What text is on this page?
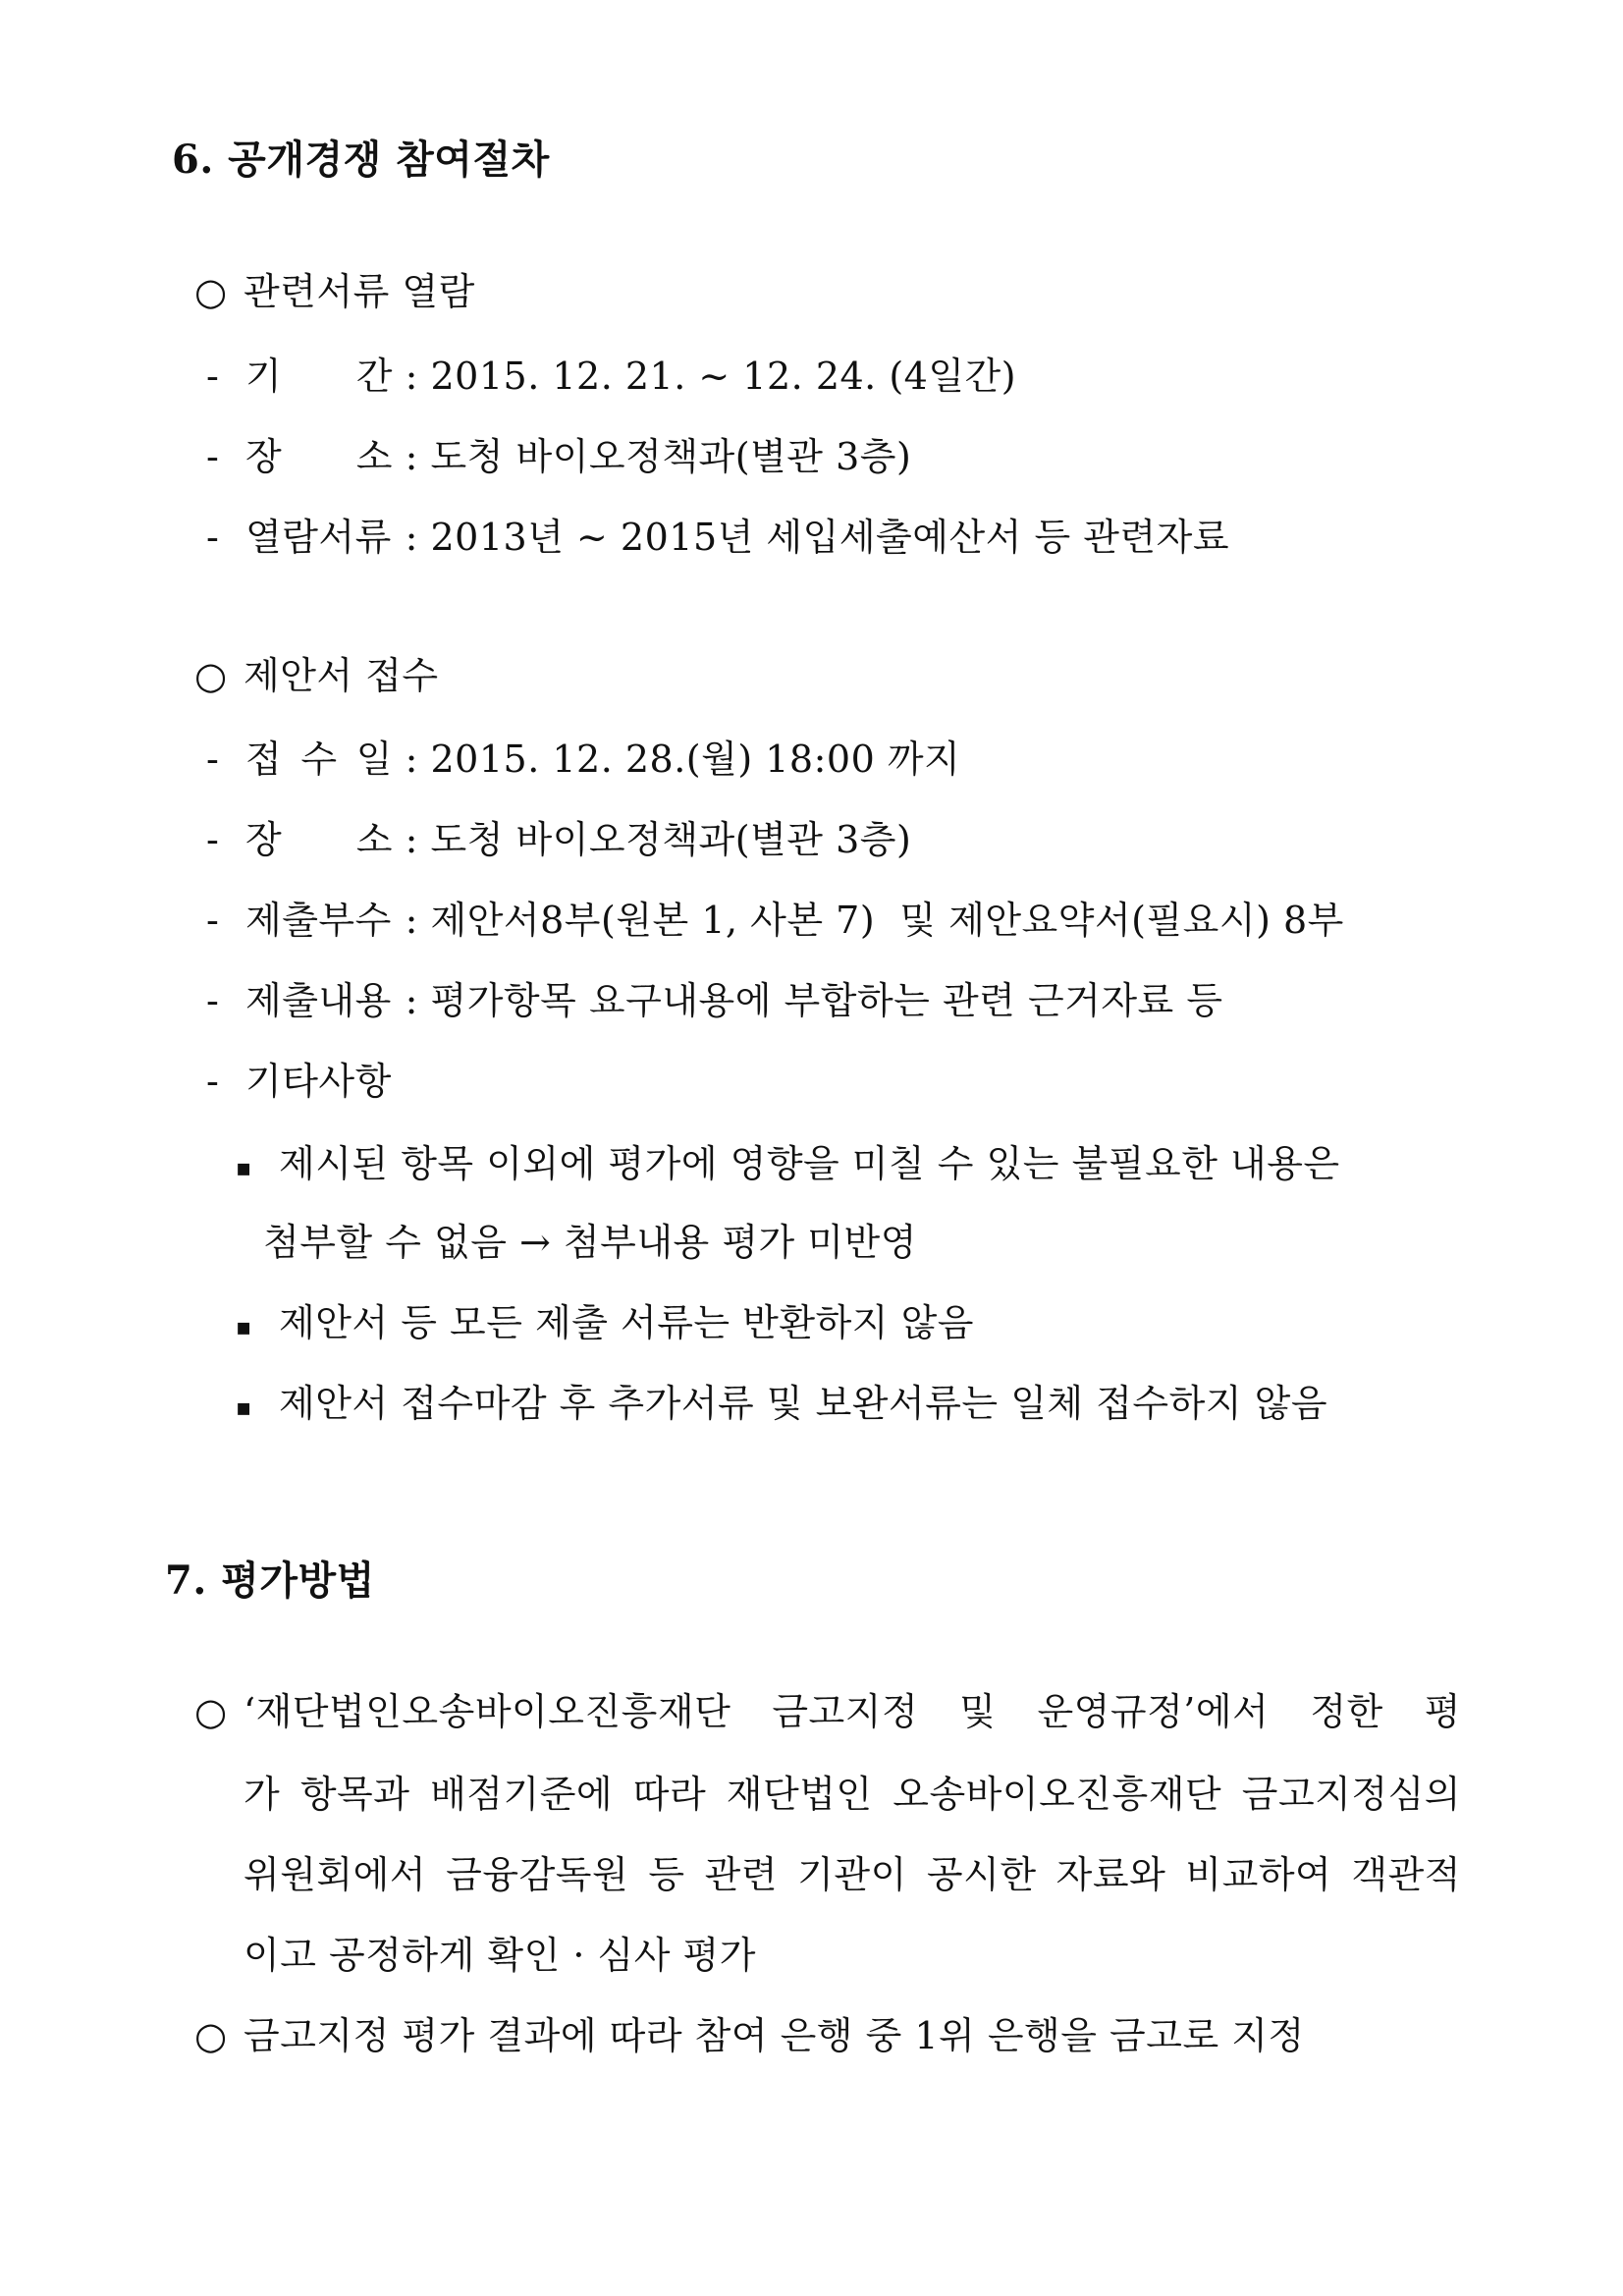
6. 공개경쟁 참여절차
○ 관련서류 열람
- 기 간 : 2015. 12. 21. ~ 12. 24. (4일간)
- 장 소 : 도청 바이오정책과(별관 3층)
- 열람서류 : 2013년 ~ 2015년 세입세출예산서 등 관련자료
○ 제안서 접수
- 접 수 일 : 2015. 12. 28.(월) 18:00 까지
- 장 소 : 도청 바이오정책과(별관 3층)
- 제출부수 : 제안서8부(원본 1, 사본 7)  및 제안요약서(필요시) 8부
- 제출내용 : 평가항목 요구내용에 부합하는 관련 근거자료 등
- 기타사항
▪ 제시된 항목 이외에 평가에 영향을 미칠 수 있는 불필요한 내용은
첨부할 수 없음 → 첨부내용 평가 미반영
▪ 제안서 등 모든 제출 서류는 반환하지 않음
▪ 제안서 접수마감 후 추가서류 및 보완서류는 일체 접수하지 않음
7. 평가방법
○ ‘재단법인오송바이오진흥재단 금고지정 및 운영규정’에서 정한 평
가 항목과 배점기준에 따라 재단법인 오송바이오진흥재단 금고지정심의
위원회에서 금융감독원 등 관련 기관이 공시한 자료와 비교하여 객관적
이고 공정하게 확인 · 심사 평가
○ 금고지정 평가 결과에 따라 참여 은행 중 1위 은행을 금고로 지정
